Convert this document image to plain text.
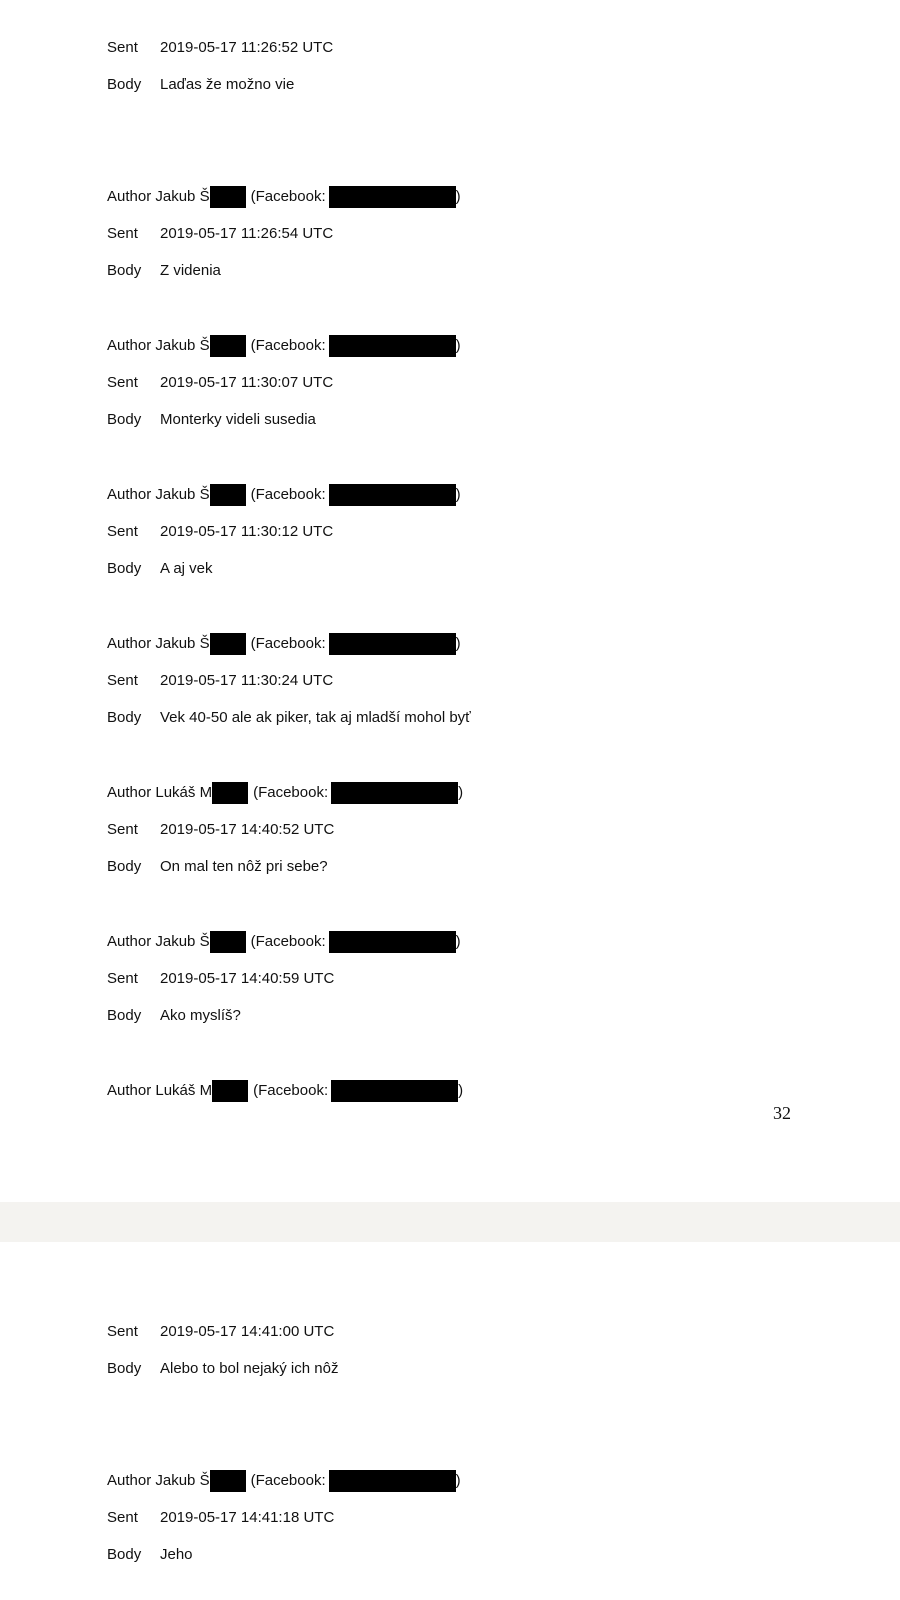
Sent 2019-05-17 11:26:52 UTC
Body Laďas že možno vie
Author Jakub Š	(Facebook:	)
Sent 2019-05-17 11:26:54 UTC
Body Z videnia
Author Jakub Š	(Facebook:	)
Sent 2019-05-17 11:30:07 UTC
Body Monterky videli susedia
Author Jakub Š	(Facebook:	)
Sent 2019-05-17 11:30:12 UTC
Body A aj vek
Author Jakub Š	(Facebook:	)
Sent 2019-05-17 11:30:24 UTC
Body Vek 40-50 ale ak piker, tak aj mladší mohol byť
Author Lukáš M	(Facebook:	)
Sent 2019-05-17 14:40:52 UTC
Body On mal ten nôž pri sebe?
Author Jakub Š	(Facebook:	)
Sent 2019-05-17 14:40:59 UTC
Body Ako myslíš?
Author Lukáš M	(Facebook:	)
32
Sent 2019-05-17 14:41:00 UTC
Body Alebo to bol nejaký ich nôž
Author Jakub Š	(Facebook:	)
Sent 2019-05-17 14:41:18 UTC
Body Jeho
